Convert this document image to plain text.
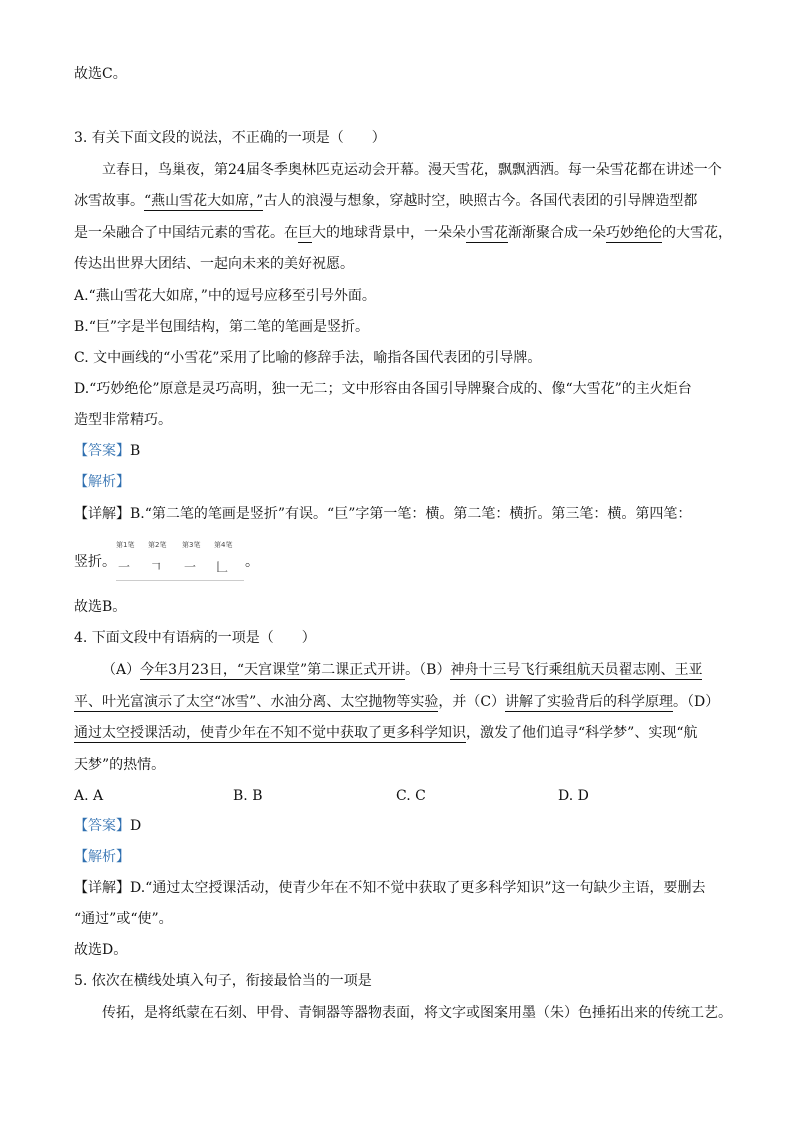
故选C。
3. 有关下面文段的说法，不正确的一项是（　　）
立春日，鸟巢夜，第24届冬季奥林匹克运动会开幕。漫天雪花，飘飘洒洒。每一朵雪花都在讲述一个
冰雪故事。“燕山雪花大如席，”古人的浪漫与想象，穿越时空，映照古今。各国代表团的引导牌造型都
是一朵融合了中国结元素的雪花。在巨大的地球背景中，一朵朵小雪花渐渐聚合成一朵巧妙绝伦的大雪花，
传达出世界大团结、一起向未来的美好祝愿。
A.“燕山雪花大如席，”中的逗号应移至引号外面。
B.“巨”字是半包围结构，第二笔的笔画是竖折。
C. 文中画线的“小雪花”采用了比喻的修辞手法，喻指各国代表团的引导牌。
D.“巧妙绝伦”原意是灵巧高明，独一无二；文中形容由各国引导牌聚合成的、像“大雪花”的主火炬台
造型非常精巧。
【答案】B
【解析】
【详解】B.“第二笔的笔画是竖折”有误。“巨”字第一笔：横。第二笔：横折。第三笔：横。第四笔：
竖折。
第1笔 第2笔 第3笔 第4笔
一 𠃍 一 𠃊 。
故选B。
4. 下面文段中有语病的一项是（　　）
（A）今年3月23日，“天宫课堂”第二课正式开讲。（B）神舟十三号飞行乘组航天员翟志刚、王亚
平、叶光富演示了太空“冰雪”、水油分离、太空抛物等实验，并（C）讲解了实验背后的科学原理。（D）
通过太空授课活动，使青少年在不知不觉中获取了更多科学知识，激发了他们追寻“科学梦”、实现“航
天梦”的热情。
A. A	B. B	C. C	D. D
【答案】D
【解析】
【详解】D.“通过太空授课活动，使青少年在不知不觉中获取了更多科学知识”这一句缺少主语，要删去
“通过”或“使”。
故选D。
5. 依次在横线处填入句子，衔接最恰当的一项是
传拓，是将纸蒙在石刻、甲骨、青铜器等器物表面，将文字或图案用墨（朱）色捶拓出来的传统工艺。
